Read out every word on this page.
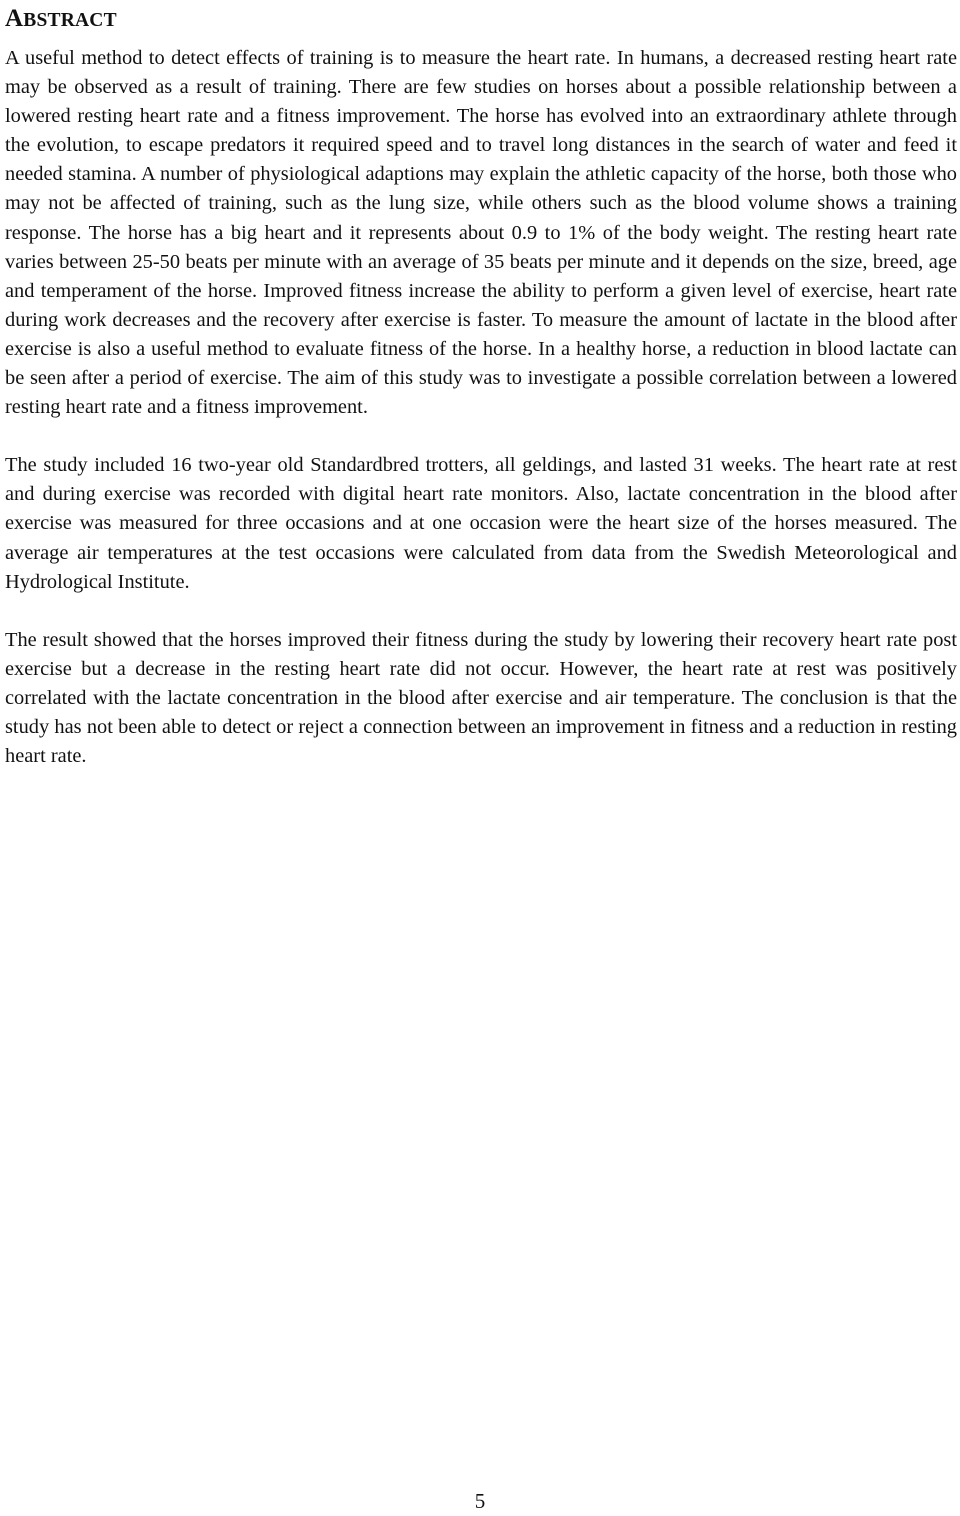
ABSTRACT

A useful method to detect effects of training is to measure the heart rate. In humans, a decreased resting heart rate may be observed as a result of training. There are few studies on horses about a possible relationship between a lowered resting heart rate and a fitness improvement. The horse has evolved into an extraordinary athlete through the evolution, to escape predators it required speed and to travel long distances in the search of water and feed it needed stamina. A number of physiological adaptions may explain the athletic capacity of the horse, both those who may not be affected of training, such as the lung size, while others such as the blood volume shows a training response. The horse has a big heart and it represents about 0.9 to 1% of the body weight. The resting heart rate varies between 25-50 beats per minute with an average of 35 beats per minute and it depends on the size, breed, age and temperament of the horse. Improved fitness increase the ability to perform a given level of exercise, heart rate during work decreases and the recovery after exercise is faster. To measure the amount of lactate in the blood after exercise is also a useful method to evaluate fitness of the horse. In a healthy horse, a reduction in blood lactate can be seen after a period of exercise. The aim of this study was to investigate a possible correlation between a lowered resting heart rate and a fitness improvement.

The study included 16 two-year old Standardbred trotters, all geldings, and lasted 31 weeks. The heart rate at rest and during exercise was recorded with digital heart rate monitors. Also, lactate concentration in the blood after exercise was measured for three occasions and at one occasion were the heart size of the horses measured. The average air temperatures at the test occasions were calculated from data from the Swedish Meteorological and Hydrological Institute.

The result showed that the horses improved their fitness during the study by lowering their recovery heart rate post exercise but a decrease in the resting heart rate did not occur. However, the heart rate at rest was positively correlated with the lactate concentration in the blood after exercise and air temperature. The conclusion is that the study has not been able to detect or reject a connection between an improvement in fitness and a reduction in resting heart rate.

5
